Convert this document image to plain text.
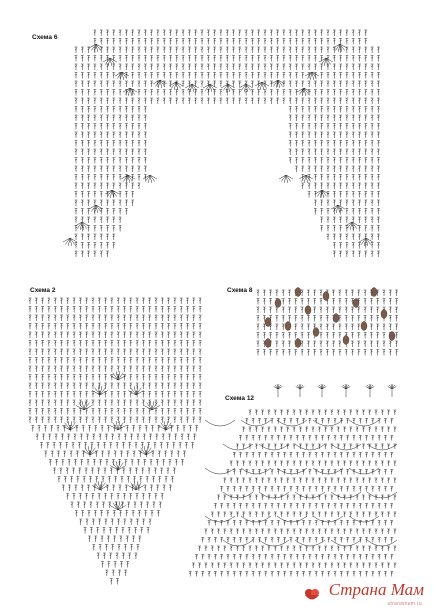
Схема 6
Схема 2	Схема 8
Схема 12
Страна Мам
stranamam.ru
